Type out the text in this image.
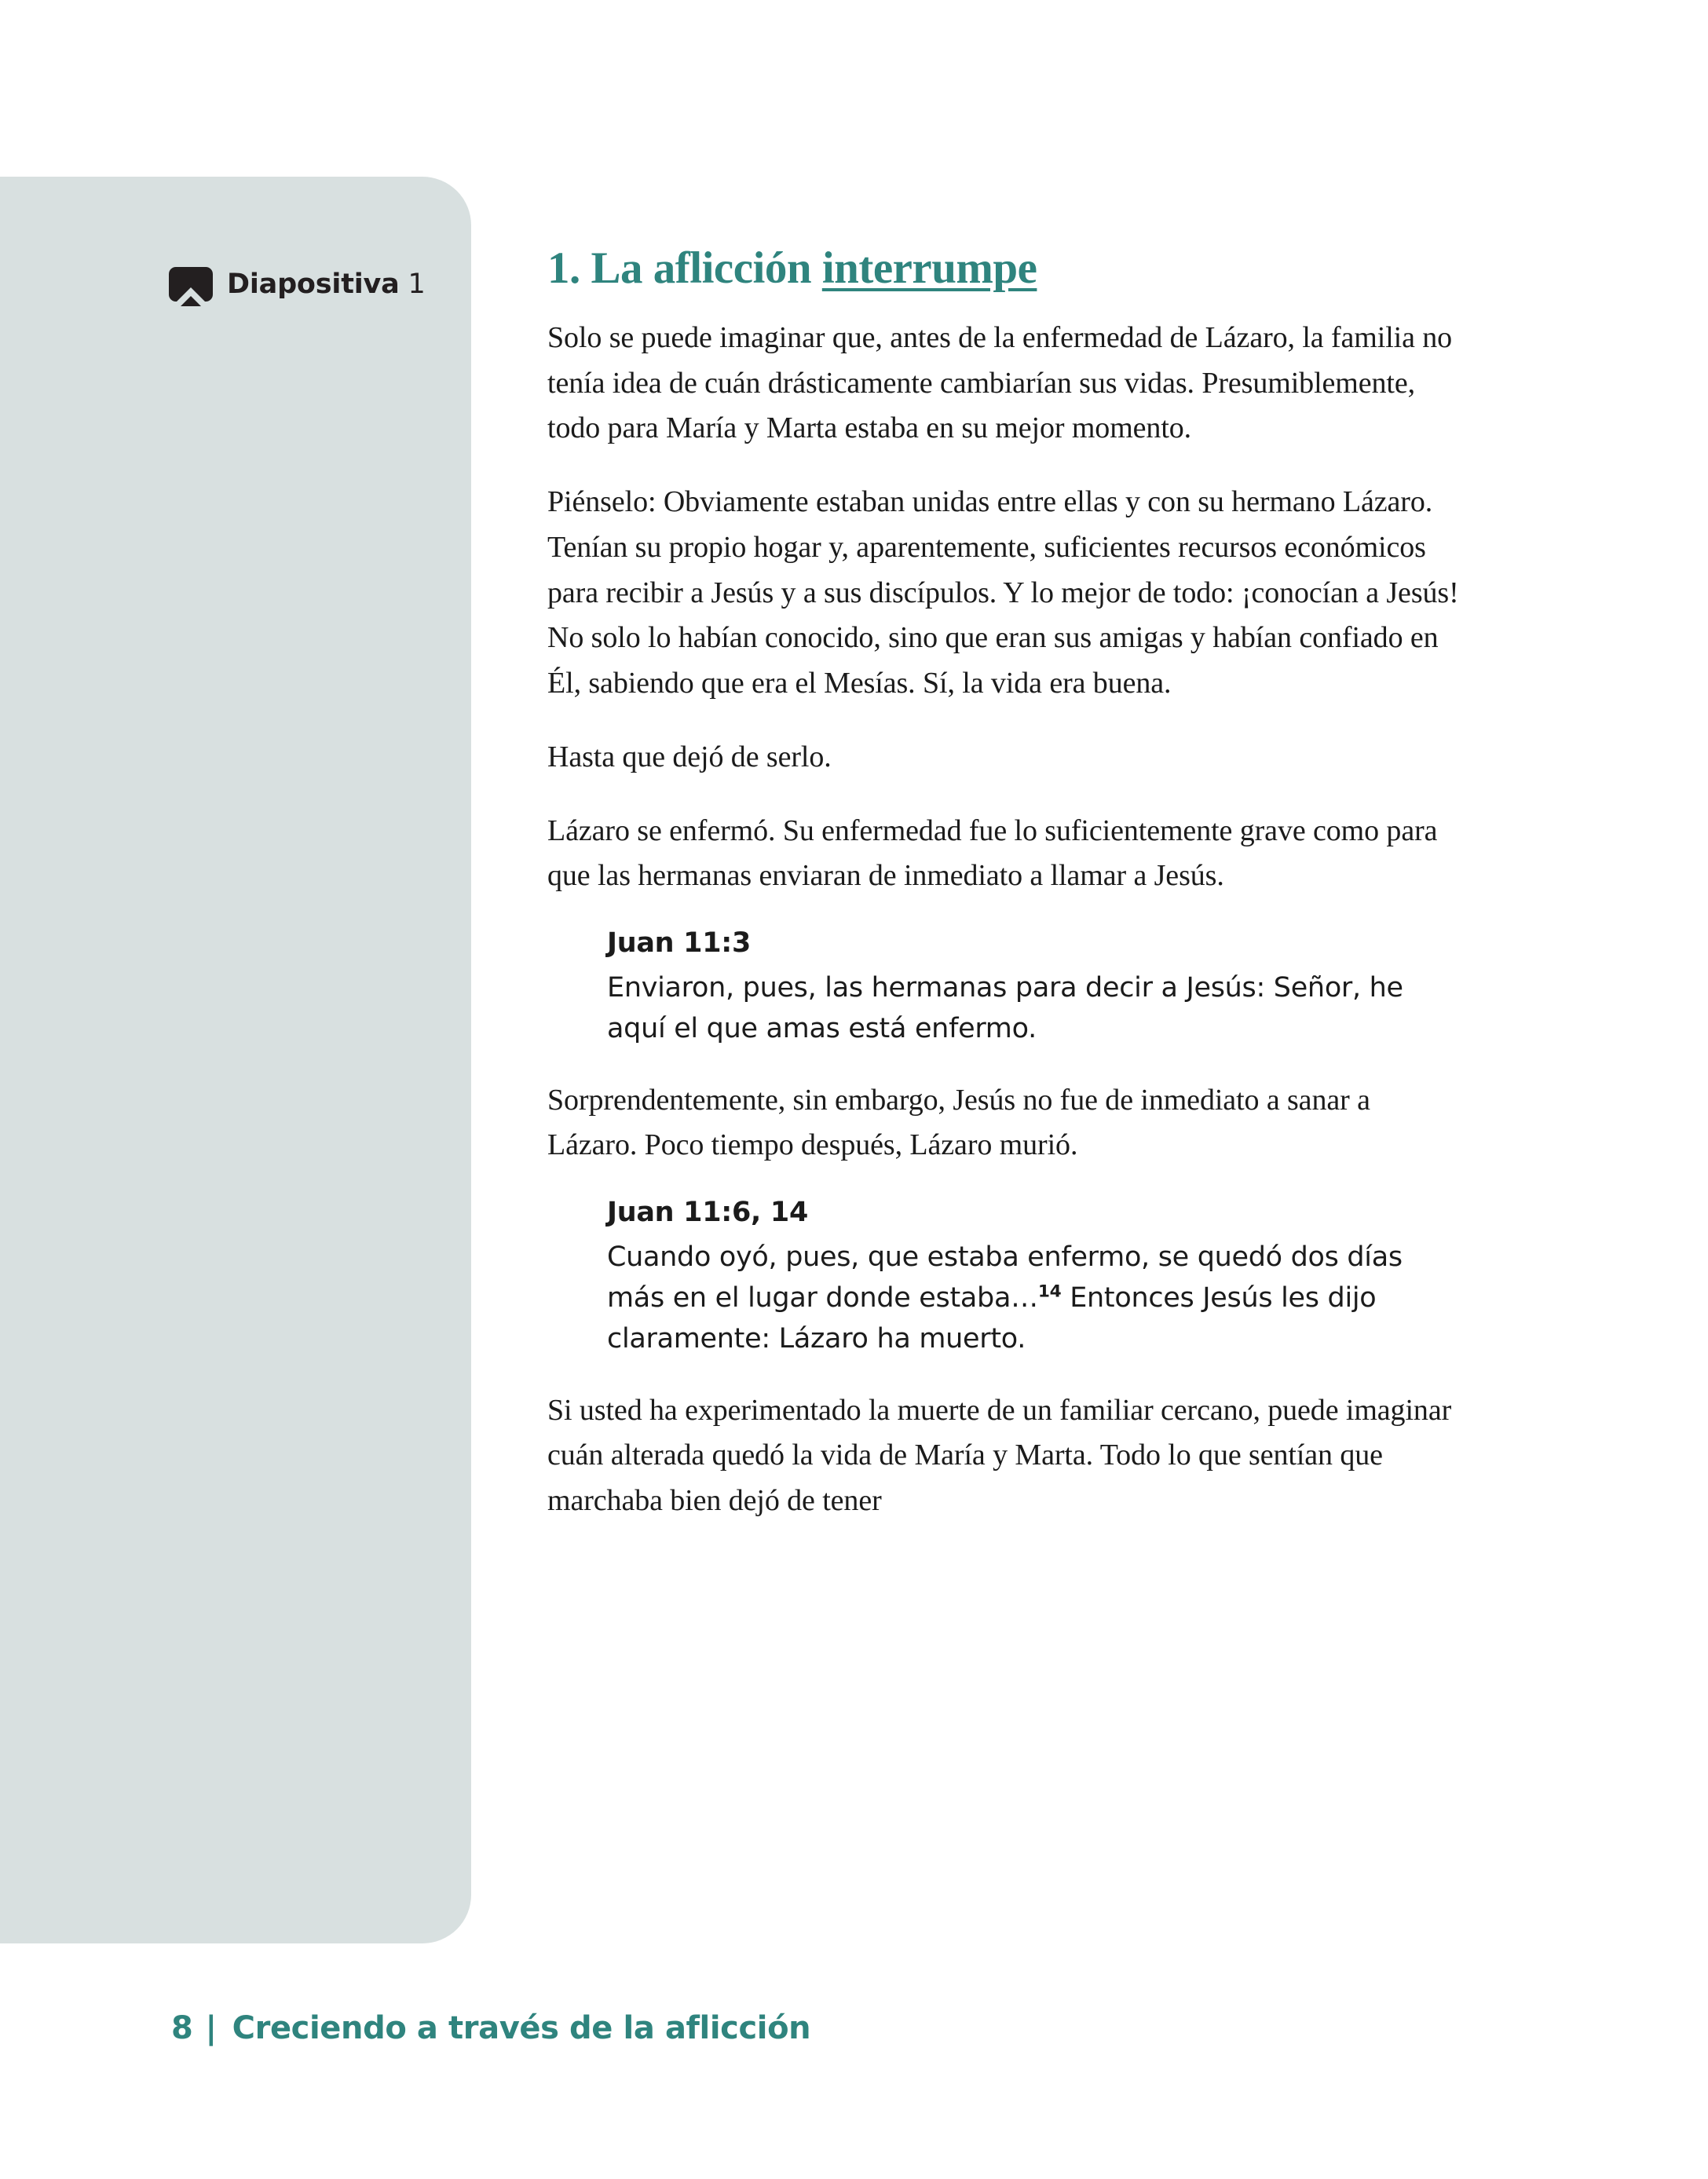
Diapositiva 1	1. La aflicción interrumpe

Solo se puede imaginar que, antes de la enfermedad de Lázaro, la familia no tenía idea de cuán drásticamente cambiarían sus vidas. Presumiblemente, todo para María y Marta estaba en su mejor momento.

Piénselo: Obviamente estaban unidas entre ellas y con su hermano Lázaro. Tenían su propio hogar y, aparentemente, suficientes recursos económicos para recibir a Jesús y a sus discípulos. Y lo mejor de todo: ¡conocían a Jesús! No solo lo habían conocido, sino que eran sus amigas y habían confiado en Él, sabiendo que era el Mesías. Sí, la vida era buena.

Hasta que dejó de serlo.

Lázaro se enfermó. Su enfermedad fue lo suficientemente grave como para que las hermanas enviaran de inmediato a llamar a Jesús.

Juan 11:3
Enviaron, pues, las hermanas para decir a Jesús: Señor, he aquí el que amas está enfermo.

Sorprendentemente, sin embargo, Jesús no fue de inmediato a sanar a Lázaro. Poco tiempo después, Lázaro murió.

Juan 11:6, 14
Cuando oyó, pues, que estaba enfermo, se quedó dos días más en el lugar donde estaba…$^{14}$ Entonces Jesús les dijo claramente: Lázaro ha muerto.

Si usted ha experimentado la muerte de un familiar cercano, puede imaginar cuán alterada quedó la vida de María y Marta. Todo lo que sentían que marchaba bien dejó de tener

8 | Creciendo a través de la aflicción
